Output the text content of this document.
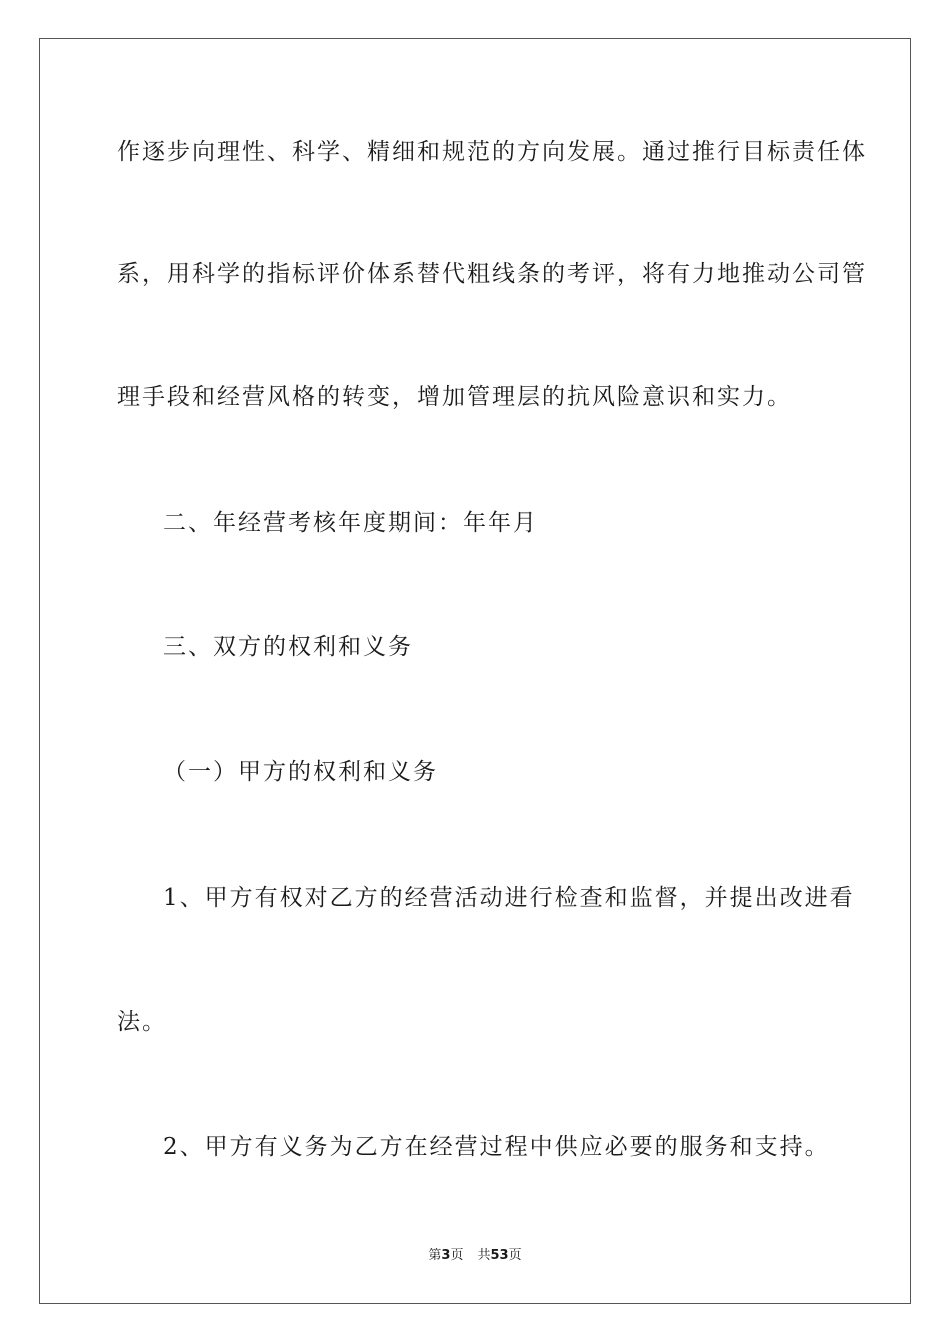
作逐步向理性、科学、精细和规范的方向发展。通过推行目标责任体
系，用科学的指标评价体系替代粗线条的考评，将有力地推动公司管
理手段和经营风格的转变，增加管理层的抗风险意识和实力。
二、年经营考核年度期间：年年月
三、双方的权利和义务
（一）甲方的权利和义务
1、甲方有权对乙方的经营活动进行检查和监督，并提出改进看
法。
2、甲方有义务为乙方在经营过程中供应必要的服务和支持。
第3页 共53页
